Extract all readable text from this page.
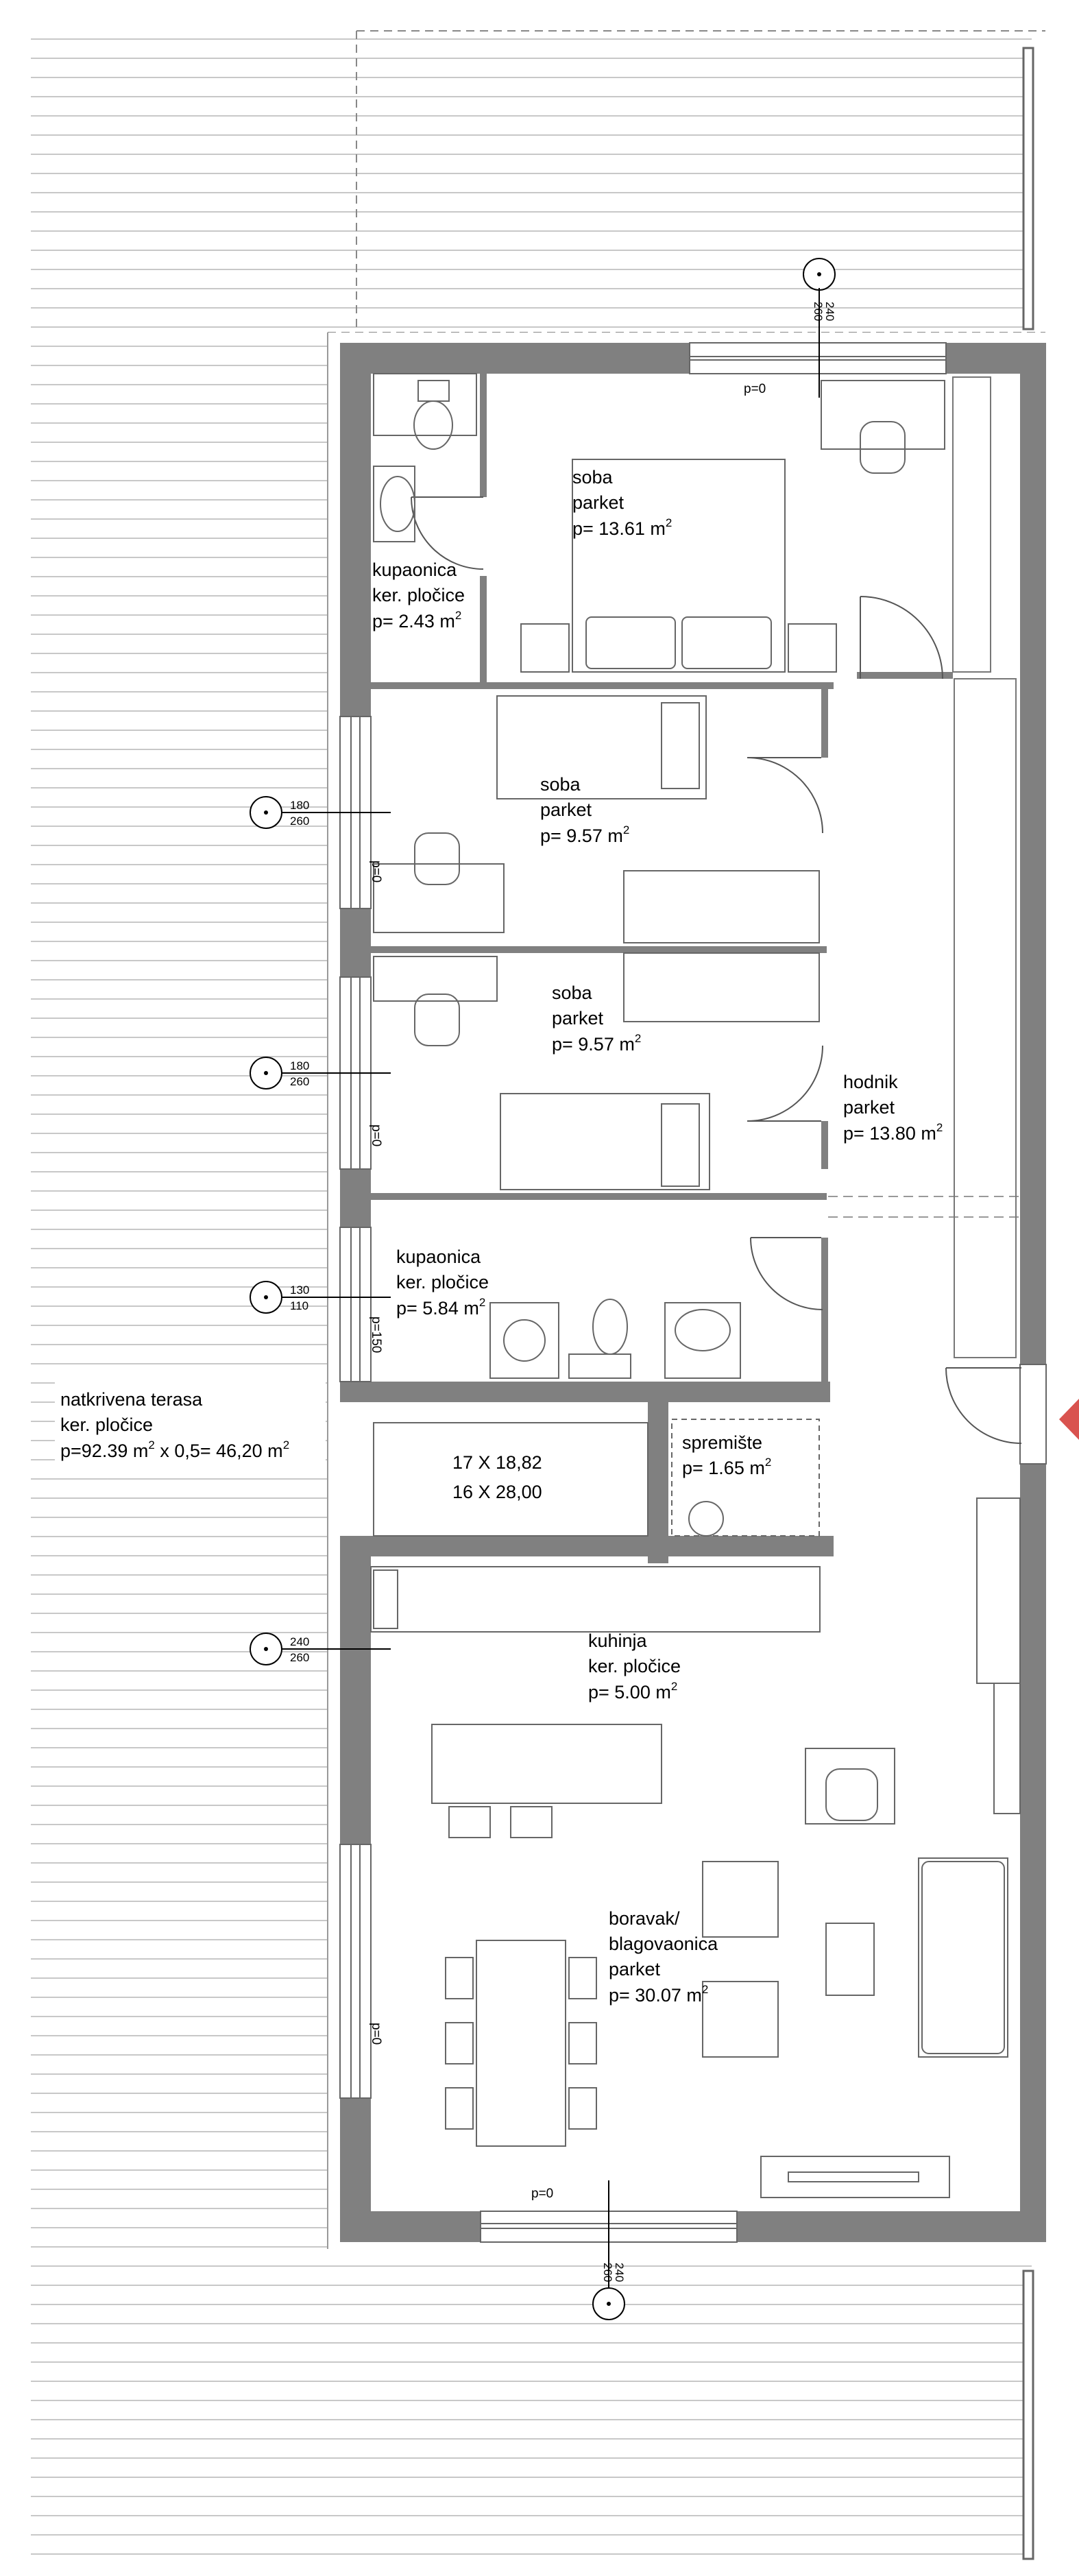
240
260
180
260
180
260
130
110
240
260
240
260
p=0
p=0
p=0
p=150
p=0
p=0
soba
parket
p= 13.61 $m^2$
kupaonica
ker. pločice
p= 2.43 $m^2$
soba
parket
p= 9.57 $m^2$
soba
parket
p= 9.57 $m^2$
hodnik
parket
p= 13.80 $m^2$
kupaonica
ker. pločice
p= 5.84 $m^2$
spremište
p= 1.65 $m^2$
kuhinja
ker. pločice
p= 5.00 $m^2$
boravak/
blagovaonica
parket
p= 30.07 $m^2$
17 X 18,82
16 X 28,00
natkrivena terasa
ker. pločice
p=92.39 $m^2$ x 0,5= 46,20 $m^2$
